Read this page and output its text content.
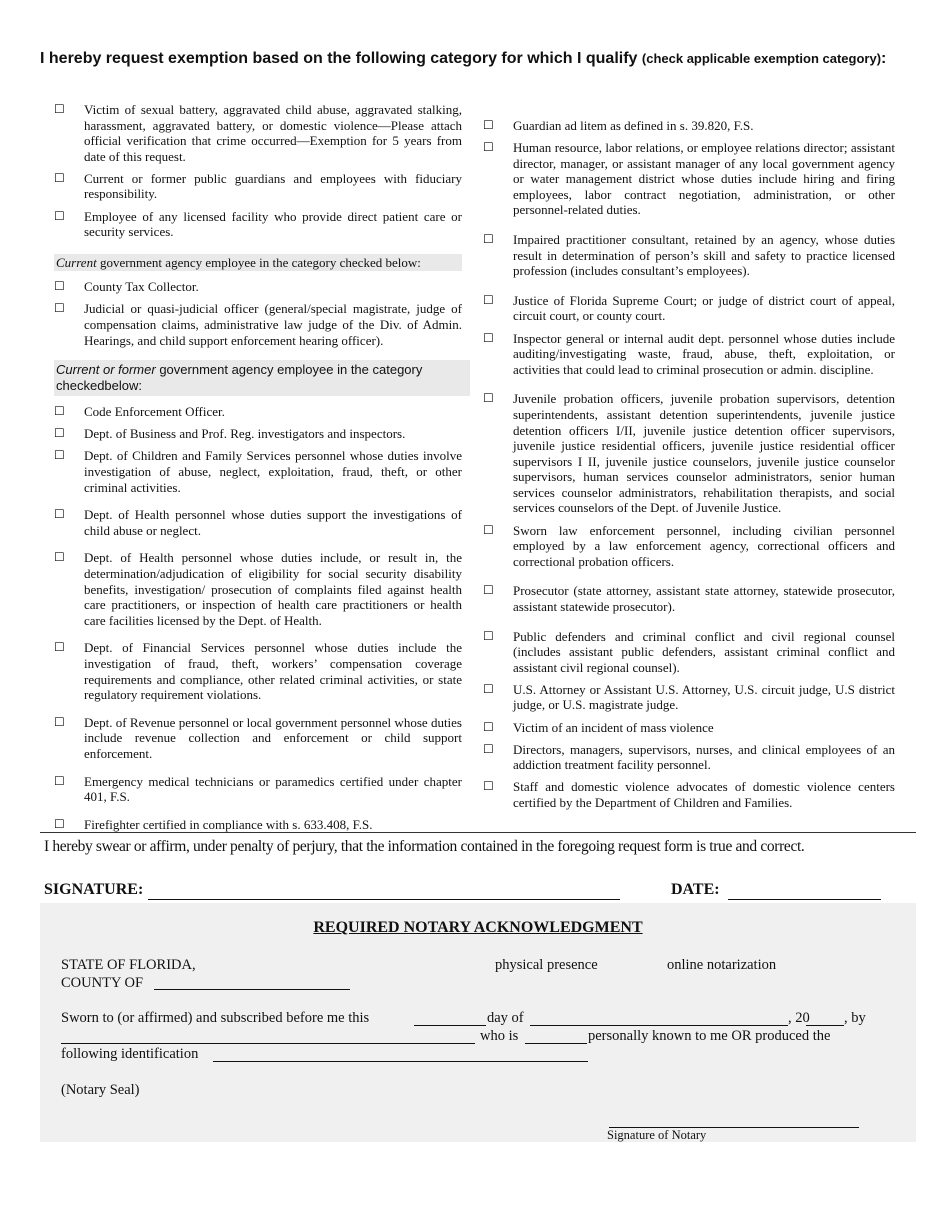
I hereby request exemption based on the following category for which I qualify (check applicable exemption category):
☐	Victim of sexual battery, aggravated child abuse, aggravated stalking, harassment, aggravated battery, or domestic violence—Please attach official verification that crime occurred—Exemption for 5 years from date of this request.
☐	Current or former public guardians and employees with fiduciary responsibility.
☐	Employee of any licensed facility who provide direct patient care or security services.
Current government agency employee in the category checked below:
☐	County Tax Collector.
☐	Judicial or quasi-judicial officer (general/special magistrate, judge of compensation claims, administrative law judge of the Div. of Admin. Hearings, and child support enforcement hearing officer).
Current or former government agency employee in the category checkedbelow:
☐	Code Enforcement Officer.
☐	Dept. of Business and Prof. Reg. investigators and inspectors.
☐	Dept. of Children and Family Services personnel whose duties involve investigation of abuse, neglect, exploitation, fraud, theft, or other criminal activities.
☐	Dept. of Health personnel whose duties support the investigations of child abuse or neglect.
☐	Dept. of Health personnel whose duties include, or result in, the determination/adjudication of eligibility for social security disability benefits, investigation/ prosecution of complaints filed against health care practitioners, or inspection of health care practitioners or health care facilities licensed by the Dept. of Health.
☐	Dept. of Financial Services personnel whose duties include the investigation of fraud, theft, workers’ compensation coverage requirements and compliance, other related criminal activities, or state regulatory requirement violations.
☐	Dept. of Revenue personnel or local government personnel whose duties include revenue collection and enforcement or child support enforcement.
☐	Emergency medical technicians or paramedics certified under chapter 401, F.S.
☐	Firefighter certified in compliance with s. 633.408, F.S.
☐	Guardian ad litem as defined in s. 39.820, F.S.
☐	Human resource, labor relations, or employee relations director; assistant director, manager, or assistant manager of any local government agency or water management district whose duties include hiring and firing employees, labor contract negotiation, administration, or other personnel-related duties.
☐	Impaired practitioner consultant, retained by an agency, whose duties result in determination of person’s skill and safety to practice licensed profession (includes consultant’s employees).
☐	Justice of Florida Supreme Court; or judge of district court of appeal, circuit court, or county court.
☐	Inspector general or internal audit dept. personnel whose duties include auditing/investigating waste, fraud, abuse, theft, exploitation, or activities that could lead to criminal prosecution or admin. discipline.
☐	Juvenile probation officers, juvenile probation supervisors, detention superintendents, assistant detention superintendents, juvenile justice detention officers I/II, juvenile justice detention officer supervisors, juvenile justice residential officers, juvenile justice residential officer supervisors I II, juvenile justice counselors, juvenile justice counselor supervisors, human services counselor administrators, senior human services counselor administrators, rehabilitation therapists, and social services counselors of the Dept. of Juvenile Justice.
☐	Sworn law enforcement personnel, including civilian personnel employed by a law enforcement agency, correctional officers and correctional probation officers.
☐	Prosecutor (state attorney, assistant state attorney, statewide prosecutor, assistant statewide prosecutor).
☐	Public defenders and criminal conflict and civil regional counsel (includes assistant public defenders, assistant criminal conflict and assistant civil regional counsel).
☐	U.S. Attorney or Assistant U.S. Attorney, U.S. circuit judge, U.S district judge, or U.S. magistrate judge.
☐	Victim of an incident of mass violence
☐	Directors, managers, supervisors, nurses, and clinical employees of an addiction treatment facility personnel.
☐	Staff and domestic violence advocates of domestic violence centers certified by the Department of Children and Families.
I hereby swear or affirm, under penalty of perjury, that the information contained in the foregoing request form is true and correct.
SIGNATURE:	DATE:
REQUIRED NOTARY ACKNOWLEDGMENT
STATE OF FLORIDA,
COUNTY OF
physical presence	online notarization
Sworn to (or affirmed) and subscribed before me this	day of	, 20 , by
who is	personally known to me OR produced the
following identification
(Notary Seal)
Signature of Notary
